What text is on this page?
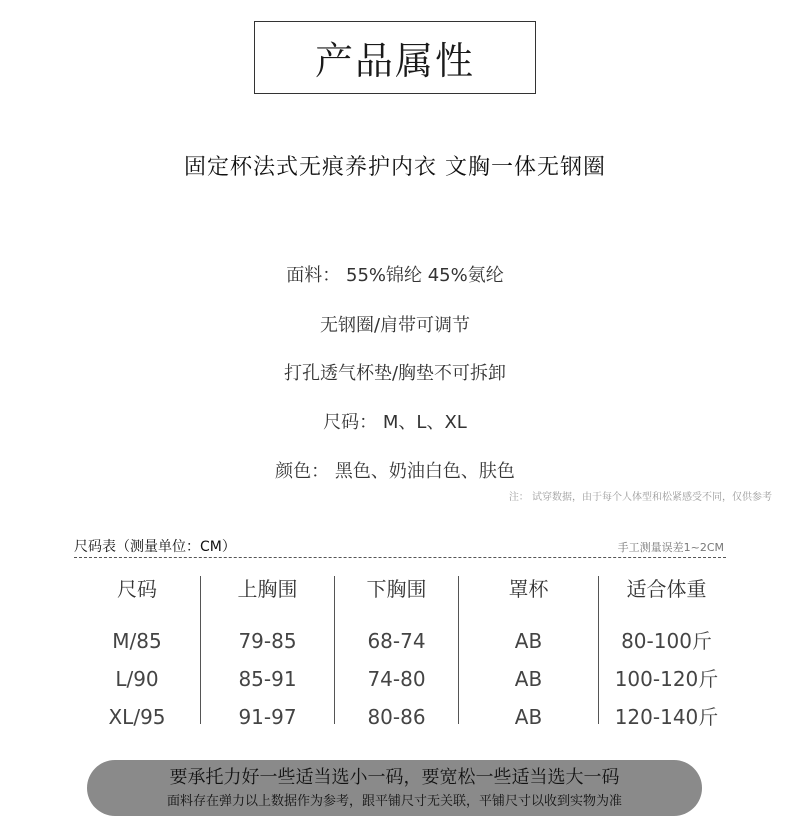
产品属性
固定杯法式无痕养护内衣 文胸一体无钢圈
面料： 55%锦纶 45%氨纶
无钢圈/肩带可调节
打孔透气杯垫/胸垫不可拆卸
尺码： M、L、XL
颜色： 黑色、奶油白色、肤色
注： 试穿数据，由于每个人体型和松紧感受不同，仅供参考
尺码表（测量单位：CM）	手工测量误差1~2CM
尺码
M/85
L/90
XL/95
上胸围
79-85
85-91
91-97
下胸围
68-74
74-80
80-86
罩杯
AB
AB
AB
适合体重
80-100斤
100-120斤
120-140斤
要承托力好一些适当选小一码，要宽松一些适当选大一码
面料存在弹力以上数据作为参考，跟平铺尺寸无关联，平铺尺寸以收到实物为准
